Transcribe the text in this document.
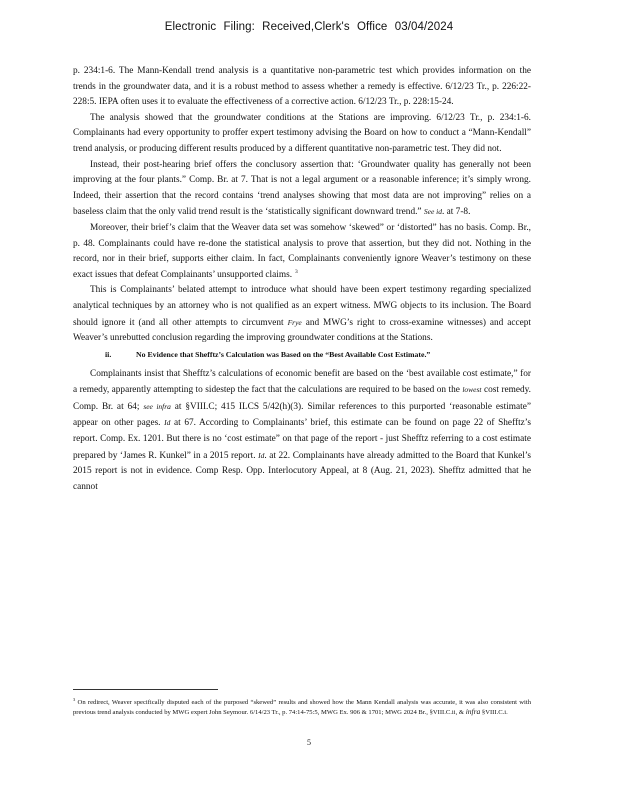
Electronic Filing: Received,Clerk's Office 03/04/2024

p. 234:1-6. The Mann-Kendall trend analysis is a quantitative non-parametric test which provides information on the trends in the groundwater data, and it is a robust method to assess whether a remedy is effective. 6/12/23 Tr., p. 226:22-228:5. IEPA often uses it to evaluate the effectiveness of a corrective action. 6/12/23 Tr., p. 228:15-24.

The analysis showed that the groundwater conditions at the Stations are improving. 6/12/23 Tr., p. 234:1-6. Complainants had every opportunity to proffer expert testimony advising the Board on how to conduct a “Mann-Kendall” trend analysis, or producing different results produced by a different quantitative non-parametric test. They did not.

Instead, their post-hearing brief offers the conclusory assertion that: ‘Groundwater quality has generally not been improving at the four plants.” Comp. Br. at 7. That is not a legal argument or a reasonable inference; it’s simply wrong. Indeed, their assertion that the record contains ‘trend analyses showing that most data are not improving” relies on a baseless claim that the only valid trend result is the ‘statistically significant downward trend.” See id. at 7-8.

Moreover, their brief’s claim that the Weaver data set was somehow ‘skewed” or ‘distorted” has no basis. Comp. Br., p. 48. Complainants could have re-done the statistical analysis to prove that assertion, but they did not. Nothing in the record, nor in their brief, supports either claim. In fact, Complainants conveniently ignore Weaver’s testimony on these exact issues that defeat Complainants’ unsupported claims. $^3$

This is Complainants’ belated attempt to introduce what should have been expert testimony regarding specialized analytical techniques by an attorney who is not qualified as an expert witness. MWG objects to its inclusion. The Board should ignore it (and all other attempts to circumvent Frye and MWG’s right to cross-examine witnesses) and accept Weaver’s unrebutted conclusion regarding the improving groundwater conditions at the Stations.

ii.	No Evidence that Shefftz’s Calculation was Based on the “Best Available Cost Estimate.”

Complainants insist that Shefftz’s calculations of economic benefit are based on the ‘best available cost estimate,” for a remedy, apparently attempting to sidestep the fact that the calculations are required to be based on the lowest cost remedy. Comp. Br. at 64; see infra at §VIII.C; 415 ILCS 5/42(h)(3). Similar references to this purported ‘reasonable estimate” appear on other pages. Id at 67. According to Complainants’ brief, this estimate can be found on page 22 of Shefftz’s report. Comp. Ex. 1201. But there is no ‘cost estimate” on that page of the report - just Shefftz referring to a cost estimate prepared by ‘James R. Kunkel” in a 2015 report. Id. at 22. Complainants have already admitted to the Board that Kunkel’s 2015 report is not in evidence. Comp Resp. Opp. Interlocutory Appeal, at 8 (Aug. 21, 2023). Shefftz admitted that he cannot

$^3$ On redirect, Weaver specifically disputed each of the purposed “skewed” results and showed how the Mann Kendall analysis was accurate, it was also consistent with previous trend analysis conducted by MWG expert John Seymour. 6/14/23 Tr., p. 74:14-75:5, MWG Ex. 906 & 1701; MWG 2024 Br., §VIII.C.ii, & infra §VIII.C.i.
5
